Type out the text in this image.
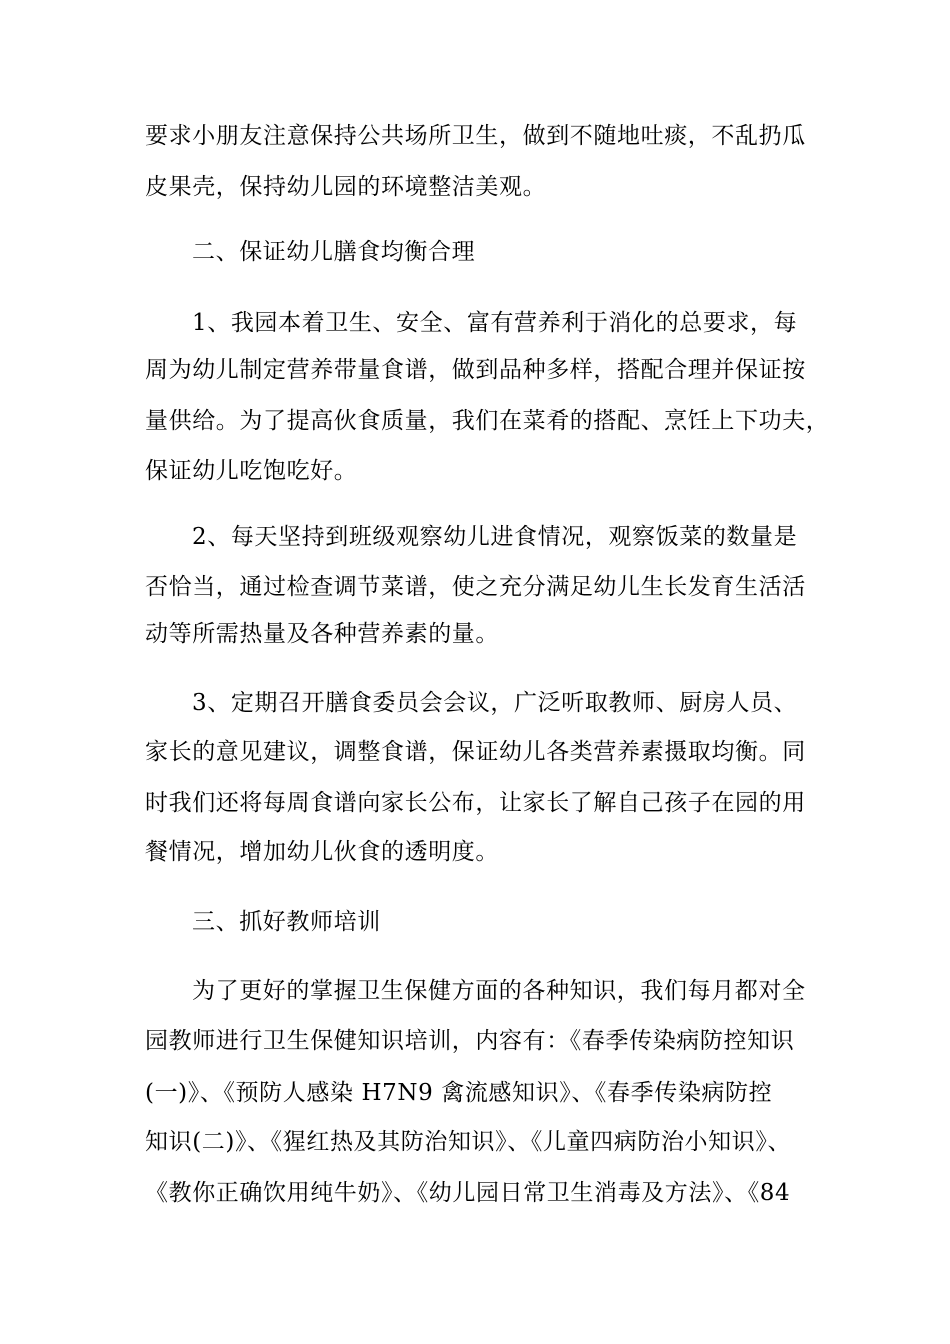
要求小朋友注意保持公共场所卫生，做到不随地吐痰，不乱扔瓜
皮果壳，保持幼儿园的环境整洁美观。
二、保证幼儿膳食均衡合理
1、我园本着卫生、安全、富有营养利于消化的总要求，每
周为幼儿制定营养带量食谱，做到品种多样，搭配合理并保证按
量供给。为了提高伙食质量，我们在菜肴的搭配、烹饪上下功夫，
保证幼儿吃饱吃好。
2、每天坚持到班级观察幼儿进食情况，观察饭菜的数量是
否恰当，通过检查调节菜谱，使之充分满足幼儿生长发育生活活
动等所需热量及各种营养素的量。
3、定期召开膳食委员会会议，广泛听取教师、厨房人员、
家长的意见建议，调整食谱，保证幼儿各类营养素摄取均衡。同
时我们还将每周食谱向家长公布，让家长了解自己孩子在园的用
餐情况，增加幼儿伙食的透明度。
三、抓好教师培训
为了更好的掌握卫生保健方面的各种知识，我们每月都对全
园教师进行卫生保健知识培训，内容有：《春季传染病防控知识
(一)》、《预防人感染 H7N9 禽流感知识》、《春季传染病防控
知识(二)》、《猩红热及其防治知识》、《儿童四病防治小知识》、
《教你正确饮用纯牛奶》、《幼儿园日常卫生消毒及方法》、《84
